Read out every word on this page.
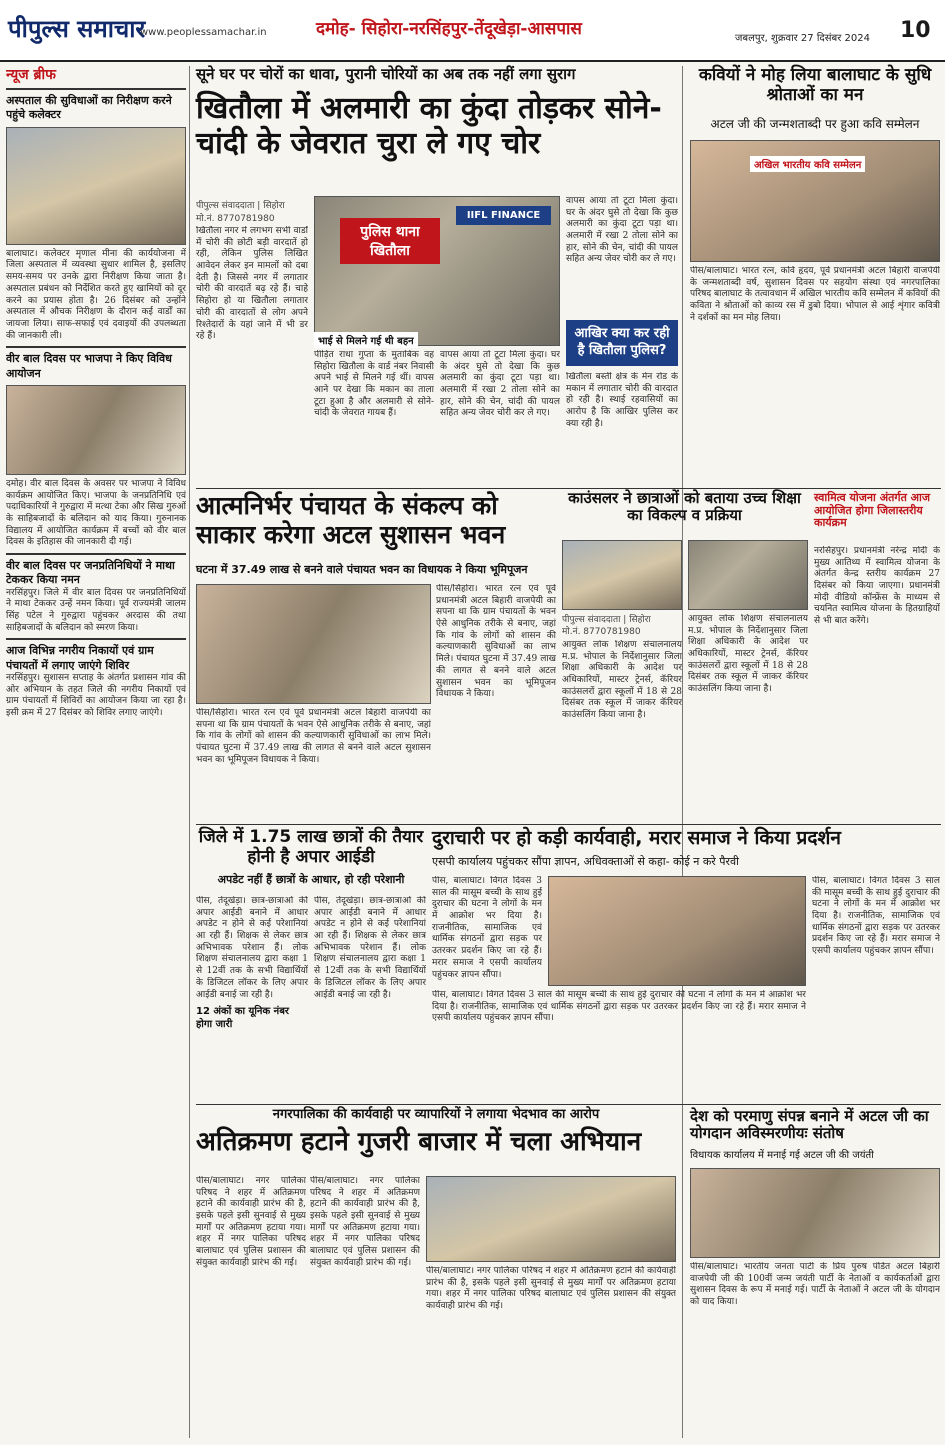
पीपुल्स समाचार
www.peoplessamachar.in	दमोह- सिहोरा-नरसिंहपुर-तेंदूखेड़ा-आसपास	जबलपुर, शुक्रवार 27 दिसंबर 2024 10
न्यूज ब्रीफ
अस्पताल की सुविधाओं का निरीक्षण करने पहुंचे कलेक्टर

बालाघाट। कलेक्टर मृणाल मीना की कार्ययोजना में जिला अस्पताल में व्यवस्था सुधार शामिल है, इसलिए समय-समय पर उनके द्वारा निरीक्षण किया जाता है। अस्पताल प्रबंधन को निर्देशित करते हुए खामियों को दूर करने का प्रयास होता है। 26 दिसंबर को उन्होंने अस्पताल में औचक निरीक्षण के दौरान कई वार्डों का जायजा लिया। साफ-सफाई एवं दवाइयों की उपलब्धता की जानकारी ली।

वीर बाल दिवस पर भाजपा ने किए विविध आयोजन

दमोह। वीर बाल दिवस के अवसर पर भाजपा ने विविध कार्यक्रम आयोजित किए। भाजपा के जनप्रतिनिधि एवं पदाधिकारियों ने गुरुद्वारा में मत्था टेका और सिख गुरुओं के साहिबजादों के बलिदान को याद किया। गुरुनानक विद्यालय में आयोजित कार्यक्रम में बच्चों को वीर बाल दिवस के इतिहास की जानकारी दी गई।

वीर बाल दिवस पर जनप्रतिनिधियों ने माथा टेककर किया नमन

नरसिंहपुर। जिले में वीर बाल दिवस पर जनप्रतिनिधियों ने माथा टेककर उन्हें नमन किया। पूर्व राज्यमंत्री जालम सिंह पटेल ने गुरुद्वारा पहुंचकर अरदास की तथा साहिबजादों के बलिदान को स्मरण किया।

आज विभिन्न नगरीय निकायों एवं ग्राम पंचायतों में लगाए जाएंगे शिविर

नरसिंहपुर। सुशासन सप्ताह के अंतर्गत प्रशासन गांव की ओर अभियान के तहत जिले की नगरीय निकायों एवं ग्राम पंचायतों में शिविरों का आयोजन किया जा रहा है। इसी क्रम में 27 दिसंबर को शिविर लगाए जाएंगे।

सूने घर पर चोरों का धावा, पुरानी चोरियों का अब तक नहीं लगा सुराग
खितौला में अलमारी का कुंदा तोड़कर सोने-चांदी के जेवरात चुरा ले गए चोर
पीपुल्स संवाददाता | सिहोरा
मो.नं. 8770781980

खितौला नगर में लगभग सभी वार्डों में चोरी की छोटी बड़ी वारदातें हो रही, लेकिन पुलिस लिखित आवेदन लेकर इन मामलों को दबा देती है। जिससे नगर में लगातार चोरी की वारदातें बढ़ रहे हैं। चाहे सिहोरा हो या खितौला लगातार चोरी की वारदातों से लोग अपने रिश्तेदारों के यहां जाने में भी डर रहे हैं।

पुलिस थाना खितौला
IIFL FINANCE
भाई से मिलने गई थी बहन

पीड़ित राधा गुप्ता के मुताबिक वह सिहोरा खितौला के वार्ड नंबर निवासी अपने भाई से मिलने गई थीं। वापस आने पर देखा कि मकान का ताला टूटा हुआ है और अलमारी से सोने-चांदी के जेवरात गायब हैं।

वापस आया तो टूटा मिला कुंदा। घर के अंदर घुसे तो देखा कि कुछ अलमारी का कुंदा टूटा पड़ा था। अलमारी में रखा 2 तोला सोने का हार, सोने की चेन, चांदी की पायल सहित अन्य जेवर चोरी कर ले गए।

वापस आया तो टूटा मिला कुंदा। घर के अंदर घुसे तो देखा कि कुछ अलमारी का कुंदा टूटा पड़ा था। अलमारी में रखा 2 तोला सोने का हार, सोने की चेन, चांदी की पायल सहित अन्य जेवर चोरी कर ले गए।

आखिर क्या कर रही है खितौला पुलिस?

खितौला बस्ती क्षेत्र के मेन रोड के मकान में लगातार चोरी की वारदात हो रही है। स्थाई रहवासियों का आरोप है कि आखिर पुलिस कर क्या रही है।

कवियों ने मोह लिया बालाघाट के सुधि श्रोताओं का मन
अटल जी की जन्मशताब्दी पर हुआ कवि सम्मेलन
अखिल भारतीय कवि सम्मेलन

पीस/बालाघाट। भारत रत्न, कवि हृदय, पूर्व प्रधानमंत्री अटल बिहारी वाजपेयी के जन्मशताब्दी वर्ष, सुशासन दिवस पर सहयोग संस्था एवं नगरपालिका परिषद बालाघाट के तत्वावधान में अखिल भारतीय कवि सम्मेलन में कवियों की कविता ने श्रोताओं को काव्य रस में डुबो दिया। भोपाल से आई शृंगार कवित्री ने दर्शकों का मन मोह लिया।

आत्मनिर्भर पंचायत के संकल्प को साकार करेगा अटल सुशासन भवन
घटना में 37.49 लाख से बनने वाले पंचायत भवन का विधायक ने किया भूमिपूजन

पीस/सिहोरा। भारत रत्न एवं पूर्व प्रधानमंत्री अटल बिहारी वाजपेयी का सपना था कि ग्राम पंचायतों के भवन ऐसे आधुनिक तरीके से बनाए, जहां कि गांव के लोगों को शासन की कल्याणकारी सुविधाओं का लाभ मिले। पंचायत घुटना में 37.49 लाख की लागत से बनने वाले अटल सुशासन भवन का भूमिपूजन विधायक ने किया।

पीस/सिहोरा। भारत रत्न एवं पूर्व प्रधानमंत्री अटल बिहारी वाजपेयी का सपना था कि ग्राम पंचायतों के भवन ऐसे आधुनिक तरीके से बनाए, जहां कि गांव के लोगों को शासन की कल्याणकारी सुविधाओं का लाभ मिले। पंचायत घुटना में 37.49 लाख की लागत से बनने वाले अटल सुशासन भवन का भूमिपूजन विधायक ने किया।

काउंसलर ने छात्राओं को बताया उच्च शिक्षा का विकल्प व प्रक्रिया
पीपुल्स संवाददाता | सिहोरा
मो.नं. 8770781980

आयुक्त लोक शिक्षण संचालनालय म.प्र. भोपाल के निर्देशानुसार जिला शिक्षा अधिकारी के आदेश पर अधिकारियों, मास्टर ट्रेनर्स, कॅरियर काउंसलरों द्वारा स्कूलों में 18 से 28 दिसंबर तक स्कूल में जाकर कॅरियर काउंसलिंग किया जाना है।

आयुक्त लोक शिक्षण संचालनालय म.प्र. भोपाल के निर्देशानुसार जिला शिक्षा अधिकारी के आदेश पर अधिकारियों, मास्टर ट्रेनर्स, कॅरियर काउंसलरों द्वारा स्कूलों में 18 से 28 दिसंबर तक स्कूल में जाकर कॅरियर काउंसलिंग किया जाना है।

स्वामित्व योजना अंतर्गत आज आयोजित होगा जिलास्तरीय कार्यक्रम

नरसिंहपुर। प्रधानमंत्री नरेन्द्र मोदी के मुख्य आतिथ्य में स्वामित्व योजना के अंतर्गत केन्द्र स्तरीय कार्यक्रम 27 दिसंबर को किया जाएगा। प्रधानमंत्री मोदी वीडियो कॉन्फ्रेंस के माध्यम से चयनित स्वामित्व योजना के हितग्राहियों से भी बात करेंगे।

जिले में 1.75 लाख छात्रों की तैयार होनी है अपार आईडी
अपडेट नहीं हैं छात्रों के आधार, हो रही परेशानी

पीस, तेंदूखेड़ा। छात्र-छात्राओं की अपार आईडी बनाने में आधार अपडेट न होने से कई परेशानियां आ रही हैं। शिक्षक से लेकर छात्र अभिभावक परेशान हैं। लोक शिक्षण संचालनालय द्वारा कक्षा 1 से 12वीं तक के सभी विद्यार्थियों के डिजिटल लॉकर के लिए अपार आईडी बनाई जा रही है।

12 अंकों का यूनिक नंबर होगा जारी

पीस, तेंदूखेड़ा। छात्र-छात्राओं की अपार आईडी बनाने में आधार अपडेट न होने से कई परेशानियां आ रही हैं। शिक्षक से लेकर छात्र अभिभावक परेशान हैं। लोक शिक्षण संचालनालय द्वारा कक्षा 1 से 12वीं तक के सभी विद्यार्थियों के डिजिटल लॉकर के लिए अपार आईडी बनाई जा रही है।

दुराचारी पर हो कड़ी कार्यवाही, मरार समाज ने किया प्रदर्शन
एसपी कार्यालय पहुंचकर सौंपा ज्ञापन, अधिवक्ताओं से कहा- कोई न करे पैरवी

पीस, बालाघाट। विगत दिवस 3 साल की मासूम बच्ची के साथ हुई दुराचार की घटना ने लोगों के मन में आक्रोश भर दिया है। राजनीतिक, सामाजिक एवं धार्मिक संगठनों द्वारा सड़क पर उतरकर प्रदर्शन किए जा रहे हैं। मरार समाज ने एसपी कार्यालय पहुंचकर ज्ञापन सौंपा।

पीस, बालाघाट। विगत दिवस 3 साल की मासूम बच्ची के साथ हुई दुराचार की घटना ने लोगों के मन में आक्रोश भर दिया है। राजनीतिक, सामाजिक एवं धार्मिक संगठनों द्वारा सड़क पर उतरकर प्रदर्शन किए जा रहे हैं। मरार समाज ने एसपी कार्यालय पहुंचकर ज्ञापन सौंपा।

पीस, बालाघाट। विगत दिवस 3 साल की मासूम बच्ची के साथ हुई दुराचार की घटना ने लोगों के मन में आक्रोश भर दिया है। राजनीतिक, सामाजिक एवं धार्मिक संगठनों द्वारा सड़क पर उतरकर प्रदर्शन किए जा रहे हैं। मरार समाज ने एसपी कार्यालय पहुंचकर ज्ञापन सौंपा।

नगरपालिका की कार्यवाही पर व्यापारियों ने लगाया भेदभाव का आरोप
अतिक्रमण हटाने गुजरी बाजार में चला अभियान

पीस/बालाघाट। नगर पालिका परिषद ने शहर में अतिक्रमण हटाने की कार्यवाही प्रारंभ की है, इसके पहले इसी सुनवाई से मुख्य मार्गों पर अतिक्रमण हटाया गया। शहर में नगर पालिका परिषद बालाघाट एवं पुलिस प्रशासन की संयुक्त कार्यवाही प्रारंभ की गई।

पीस/बालाघाट। नगर पालिका परिषद ने शहर में अतिक्रमण हटाने की कार्यवाही प्रारंभ की है, इसके पहले इसी सुनवाई से मुख्य मार्गों पर अतिक्रमण हटाया गया। शहर में नगर पालिका परिषद बालाघाट एवं पुलिस प्रशासन की संयुक्त कार्यवाही प्रारंभ की गई।

पीस/बालाघाट। नगर पालिका परिषद ने शहर में अतिक्रमण हटाने की कार्यवाही प्रारंभ की है, इसके पहले इसी सुनवाई से मुख्य मार्गों पर अतिक्रमण हटाया गया। शहर में नगर पालिका परिषद बालाघाट एवं पुलिस प्रशासन की संयुक्त कार्यवाही प्रारंभ की गई।

देश को परमाणु संपन्न बनाने में अटल जी का योगदान अविस्मरणीयः संतोष
विधायक कार्यालय में मनाई गई अटल जी की जयंती

पीस/बालाघाट। भारतीय जनता पार्टी के प्रिय पुरुष पंडित अटल बिहारी वाजपेयी जी की 100वीं जन्म जयंती पार्टी के नेताओं व कार्यकर्ताओं द्वारा सुशासन दिवस के रूप में मनाई गई। पार्टी के नेताओं ने अटल जी के योगदान को याद किया।
